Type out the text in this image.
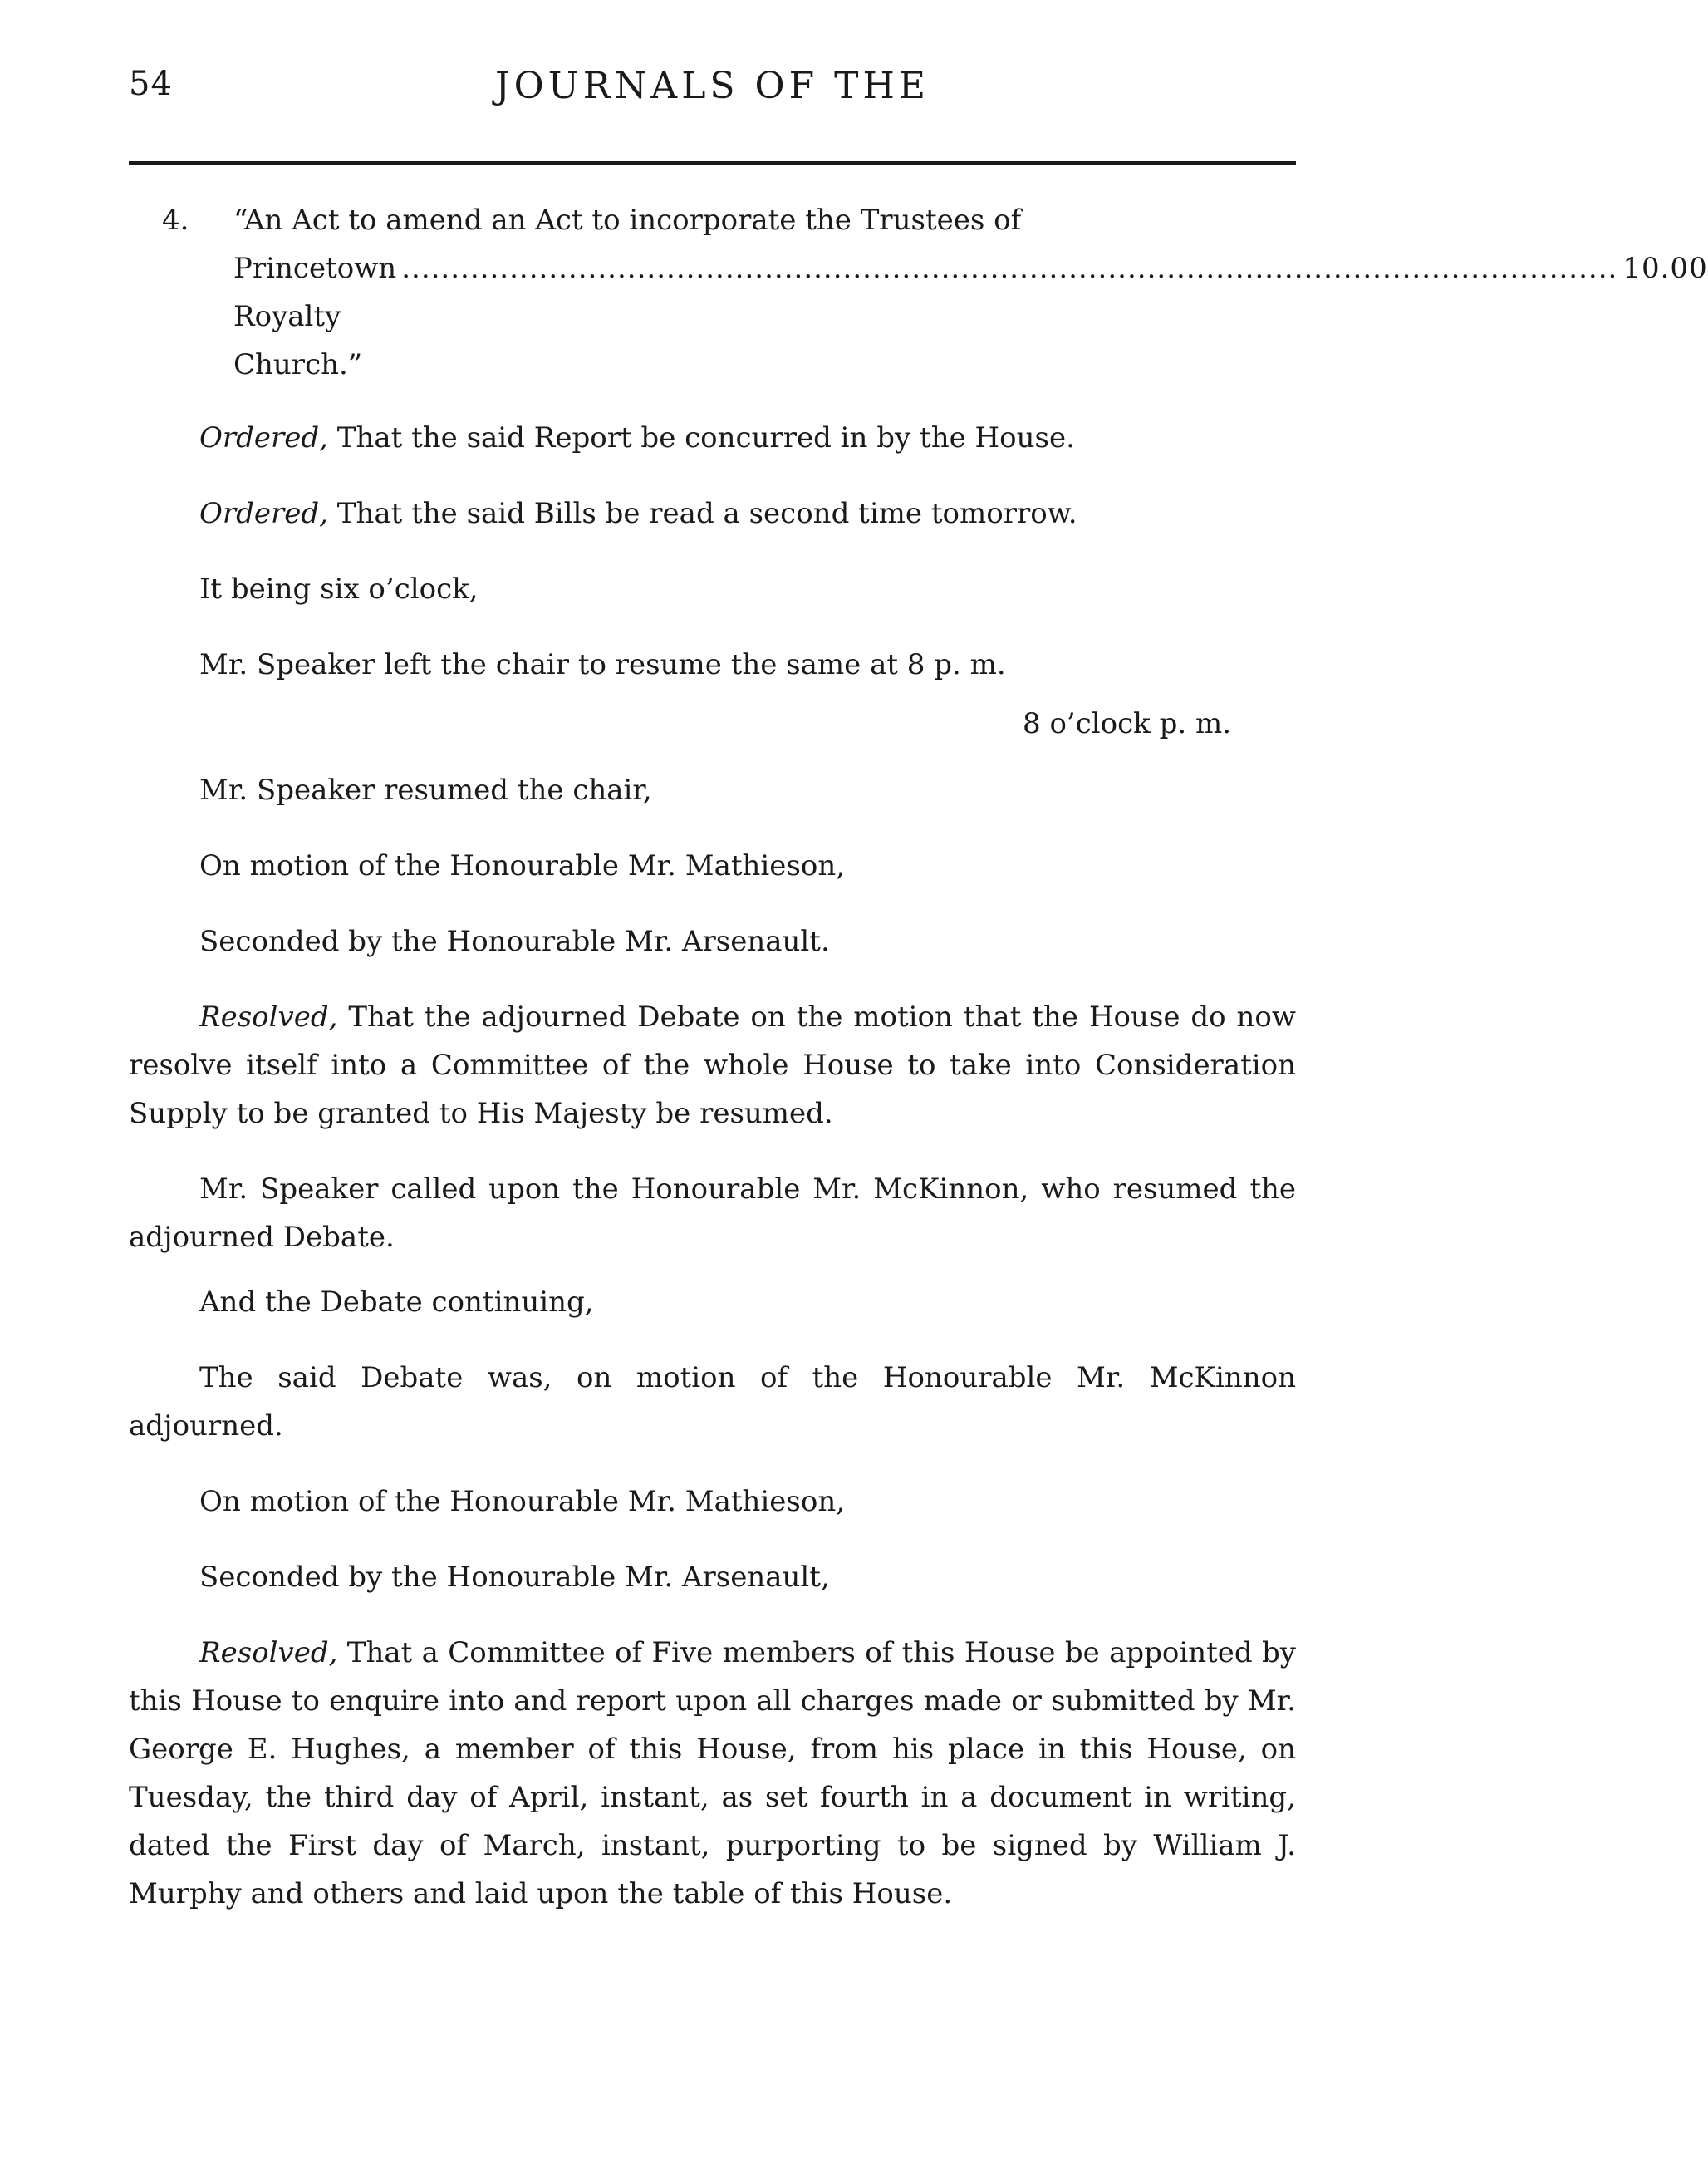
54	JOURNALS OF THE
4. “An Act to amend an Act to incorporate the Trustees of
Princetown Royalty Church.”
............................................................................................................................ 10.00

Ordered, That the said Report be concurred in by the House.

Ordered, That the said Bills be read a second time tomorrow.

It being six o’clock,

Mr. Speaker left the chair to resume the same at 8 p. m.

8 o’clock p. m.

Mr. Speaker resumed the chair,

On motion of the Honourable Mr. Mathieson,

Seconded by the Honourable Mr. Arsenault.

Resolved, That the adjourned Debate on the motion that the House do now resolve itself into a Committee of the whole House to take into Consideration Supply to be granted to His Majesty be resumed.

Mr. Speaker called upon the Honourable Mr. McKinnon, who resumed the adjourned Debate.

And the Debate continuing,

The said Debate was, on motion of the Honourable Mr. McKinnon adjourned.

On motion of the Honourable Mr. Mathieson,

Seconded by the Honourable Mr. Arsenault,

Resolved, That a Committee of Five members of this House be appointed by this House to enquire into and report upon all charges made or submitted by Mr. George E. Hughes, a member of this House, from his place in this House, on Tuesday, the third day of April, instant, as set fourth in a document in writing, dated the First day of March, instant, purporting to be signed by William J. Murphy and others and laid upon the table of this House.
